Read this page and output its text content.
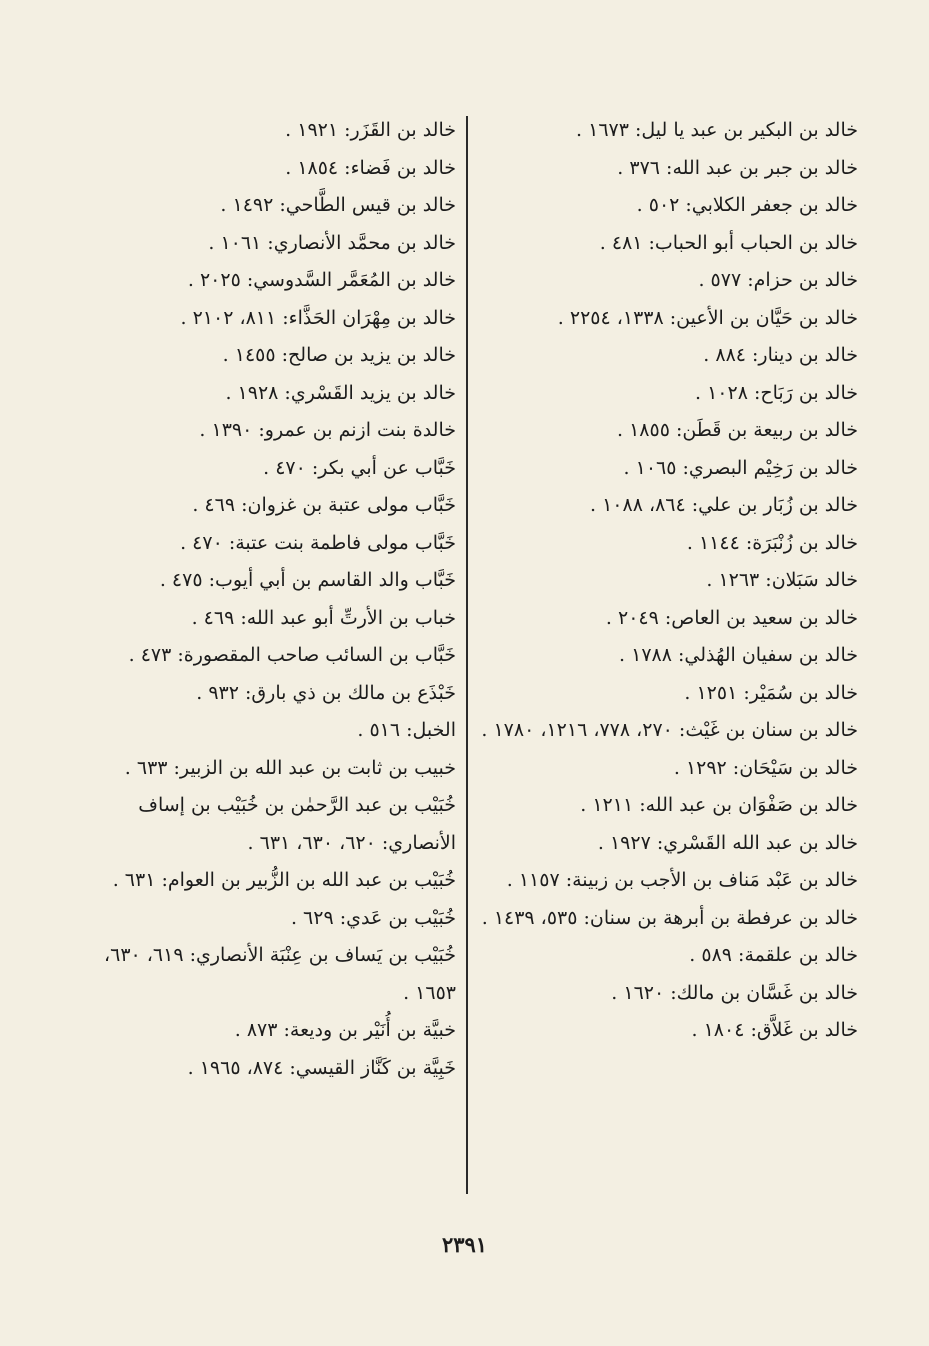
خالد بن البكير بن عبد يا ليل: ١٦٧٣ .
خالد بن جبر بن عبد الله: ٣٧٦ .
خالد بن جعفر الكلابي: ٥٠٢ .
خالد بن الحباب أبو الحباب: ٤٨١ .
خالد بن حزام: ٥٧٧ .
خالد بن حَيَّان بن الأعين: ١٣٣٨، ٢٢٥٤ .
خالد بن دينار: ٨٨٤ .
خالد بن رَبَاح: ١٠٢٨ .
خالد بن ربيعة بن قَطَن: ١٨٥٥ .
خالد بن رَخِيْم البصري: ١٠٦٥ .
خالد بن زُبَار بن علي: ٨٦٤، ١٠٨٨ .
خالد بن زُنْبَرَة: ١١٤٤ .
خالد سَبَلان: ١٢٦٣ .
خالد بن سعيد بن العاص: ٢٠٤٩ .
خالد بن سفيان الهُذلي: ١٧٨٨ .
خالد بن سُمَيْر: ١٢٥١ .
خالد بن سنان بن غَيْث: ٢٧٠، ٧٧٨، ١٢١٦، ١٧٨٠ .
خالد بن سَيْحَان: ١٢٩٢ .
خالد بن صَفْوَان بن عبد الله: ١٢١١ .
خالد بن عبد الله القَسْري: ١٩٢٧ .
خالد بن عَبْد مَناف بن الأجب بن زبينة: ١١٥٧ .
خالد بن عرفطة بن أبرهة بن سنان: ٥٣٥، ١٤٣٩ .
خالد بن علقمة: ٥٨٩ .
خالد بن غَسَّان بن مالك: ١٦٢٠ .
خالد بن غَلاَّق: ١٨٠٤ .
خالد بن القَزَر: ١٩٢١ .
خالد بن فَضاء: ١٨٥٤ .
خالد بن قيس الطَّاحي: ١٤٩٢ .
خالد بن محمَّد الأنصاري: ١٠٦١ .
خالد بن المُعَمَّر السَّدوسي: ٢٠٢٥ .
خالد بن مِهْرَان الحَذَّاء: ٨١١، ٢١٠٢ .
خالد بن يزيد بن صالح: ١٤٥٥ .
خالد بن يزيد القَسْري: ١٩٢٨ .
خالدة بنت ازنم بن عمرو: ١٣٩٠ .
خَبَّاب عن أبي بكر: ٤٧٠ .
خَبَّاب مولى عتبة بن غزوان: ٤٦٩ .
خَبَّاب مولى فاطمة بنت عتبة: ٤٧٠ .
خَبَّاب والد القاسم بن أبي أيوب: ٤٧٥ .
خباب بن الأرتِّ أبو عبد الله: ٤٦٩ .
خَبَّاب بن السائب صاحب المقصورة: ٤٧٣ .
خَبْذَع بن مالك بن ذي بارق: ٩٣٢ .
الخبل: ٥١٦ .
خبيب بن ثابت بن عبد الله بن الزبير: ٦٣٣ .
خُبَيْب بن عبد الرَّحمٰن بن خُبَيْب بن إساف الأنصاري: ٦٢٠، ٦٣٠، ٦٣١ .
خُبَيْب بن عبد الله بن الزُّبير بن العوام: ٦٣١ .
خُبَيْب بن عَدي: ٦٢٩ .
خُبَيْب بن يَساف بن عِنْبَة الأنصاري: ٦١٩، ٦٣٠، ١٦٥٣ .
خبيَّة بن أُنَيْر بن وديعة: ٨٧٣ .
خَبِيَّة بن كَنَّاز القيسي: ٨٧٤، ١٩٦٥ .
٢٣٩١
